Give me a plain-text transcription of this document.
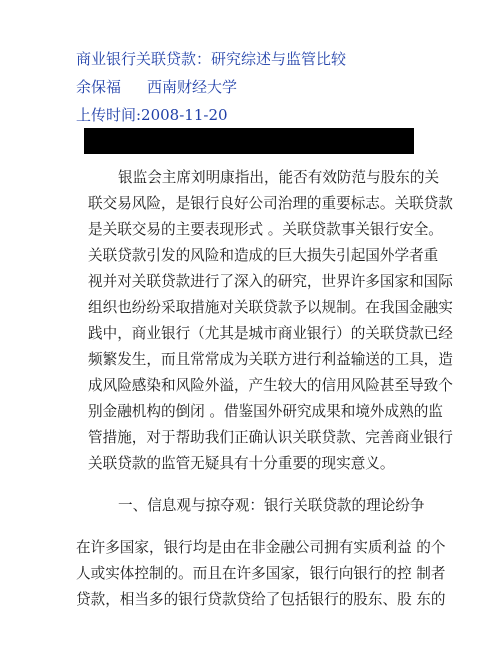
商业银行关联贷款：研究综述与监管比较
余保福 西南财经大学
上传时间:2008-11-20
银监会主席刘明康指出，能否有效防范与股东的关
联交易风险，是银行良好公司治理的重要标志。关联贷款
是关联交易的主要表现形式 。关联贷款事关银行安全。
关联贷款引发的风险和造成的巨大损失引起国外学者重
视并对关联贷款进行了深入的研究，世界许多国家和国际
组织也纷纷采取措施对关联贷款予以规制。在我国金融实
践中，商业银行（尤其是城市商业银行）的关联贷款已经
频繁发生，而且常常成为关联方进行利益输送的工具，造
成风险感染和风险外溢，产生较大的信用风险甚至导致个
别金融机构的倒闭 。借鉴国外研究成果和境外成熟的监
管措施，对于帮助我们正确认识关联贷款、完善商业银行
关联贷款的监管无疑具有十分重要的现实意义。
一、信息观与掠夺观：银行关联贷款的理论纷争
在许多国家，银行均是由在非金融公司拥有实质利益 的个
人或实体控制的。而且在许多国家，银行向银行的控 制者
贷款，相当多的银行贷款贷给了包括银行的股东、股 东的
